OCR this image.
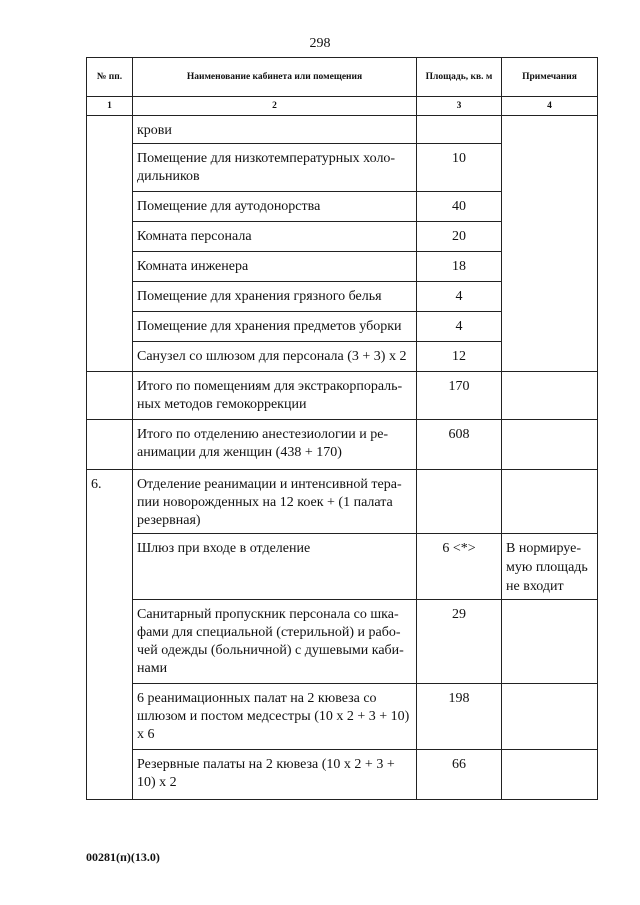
298
№ пп.	Наименование кабинета или помещения	Площадь, кв. м	Примечания
1	2	3	4
	крови		
	Помещение для низкотемпературных холо-дильников	10	
	Помещение для аутодонорства	40	
	Комната персонала	20	
	Комната инженера	18	
	Помещение для хранения грязного белья	4	
	Помещение для хранения предметов уборки	4	
	Санузел со шлюзом для персонала (3 + 3) x 2	12	
	Итого по помещениям для экстракорпораль-ных методов гемокоррекции	170	
	Итого по отделению анестезиологии и ре-анимации для женщин (438 + 170)	608	
6.	Отделение реанимации и интенсивной тера-пии новорожденных на 12 коек + (1 палата резервная)		
	Шлюз при входе в отделение	6 <*>	В нормируе-мую площадь не входит
	Санитарный пропускник персонала со шка-фами для специальной (стерильной) и рабо-чей одежды (больничной) с душевыми каби-нами	29	
	6 реанимационных палат на 2 кювеза со шлюзом и постом медсестры (10 x 2 + 3 + 10) x 6	198	
	Резервные палаты на 2 кювеза (10 x 2 + 3 + 10) x 2	66	
00281(п)(13.0)
